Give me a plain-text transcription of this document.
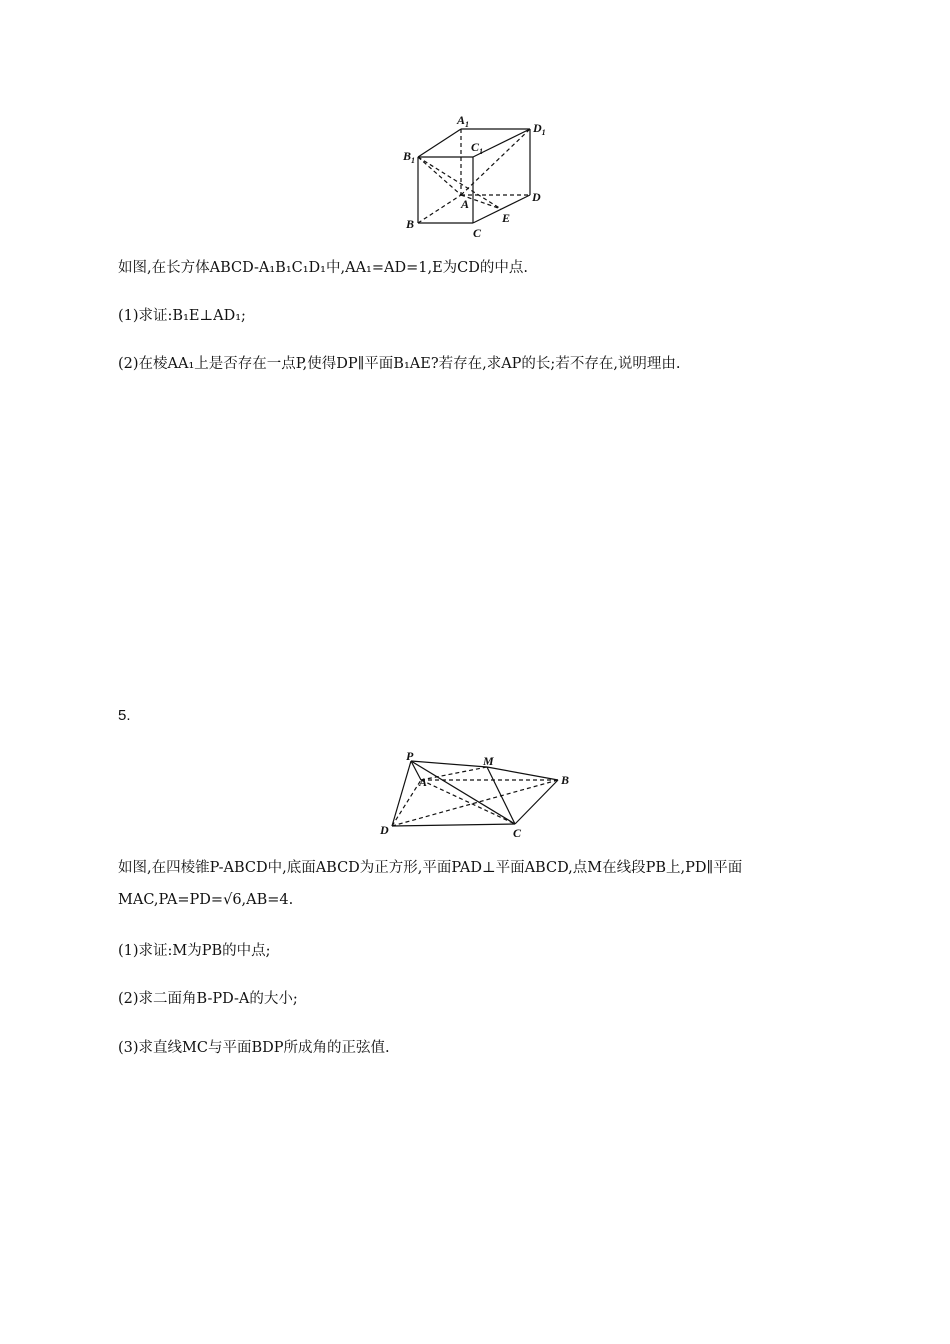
$A_1$	$D_1$
$B_1$
$C_1$
A	D
B
C
E
如图,在长方体ABCD-A₁B₁C₁D₁中,AA₁=AD=1,E为CD的中点.
(1)求证:B₁E⊥AD₁;
(2)在棱AA₁上是否存在一点P,使得DP∥平面B₁AE?若存在,求AP的长;若不存在,说明理由.
5.
P	M
A	B
C
D
如图,在四棱锥P-ABCD中,底面ABCD为正方形,平面PAD⊥平面ABCD,点M在线段PB上,PD∥平面
MAC,PA=PD=√6,AB=4.
(1)求证:M为PB的中点;
(2)求二面角B-PD-A的大小;
(3)求直线MC与平面BDP所成角的正弦值.
